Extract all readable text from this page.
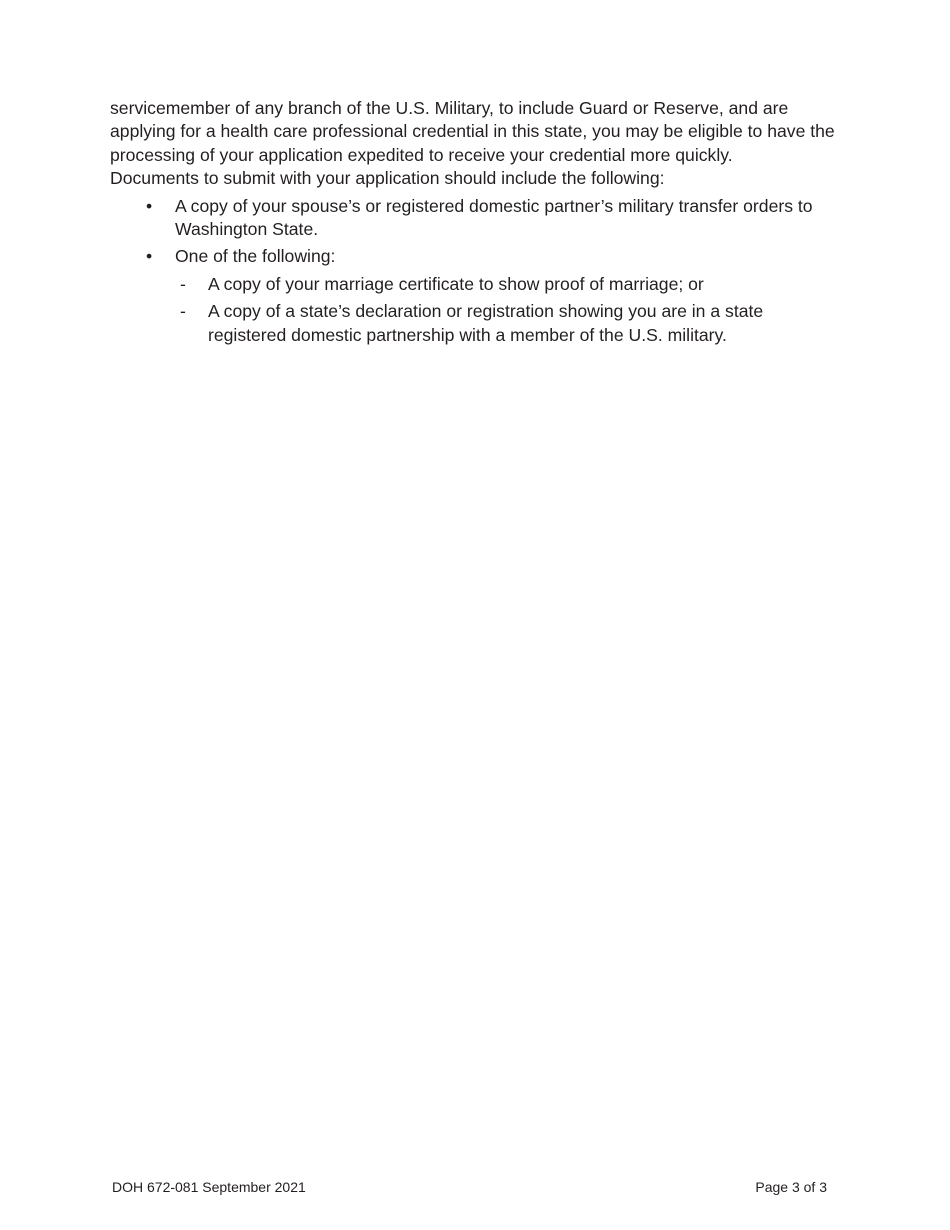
servicemember of any branch of the U.S. Military, to include Guard or Reserve, and are applying for a health care professional credential in this state, you may be eligible to have the processing of your application expedited to receive your credential more quickly.

Documents to submit with your application should include the following:

• A copy of your spouse’s or registered domestic partner’s military transfer orders to Washington State.
• One of the following:
- A copy of your marriage certificate to show proof of marriage; or
- A copy of a state’s declaration or registration showing you are in a state registered domestic partnership with a member of the U.S. military.
DOH 672-081 September 2021	Page 3 of 3
